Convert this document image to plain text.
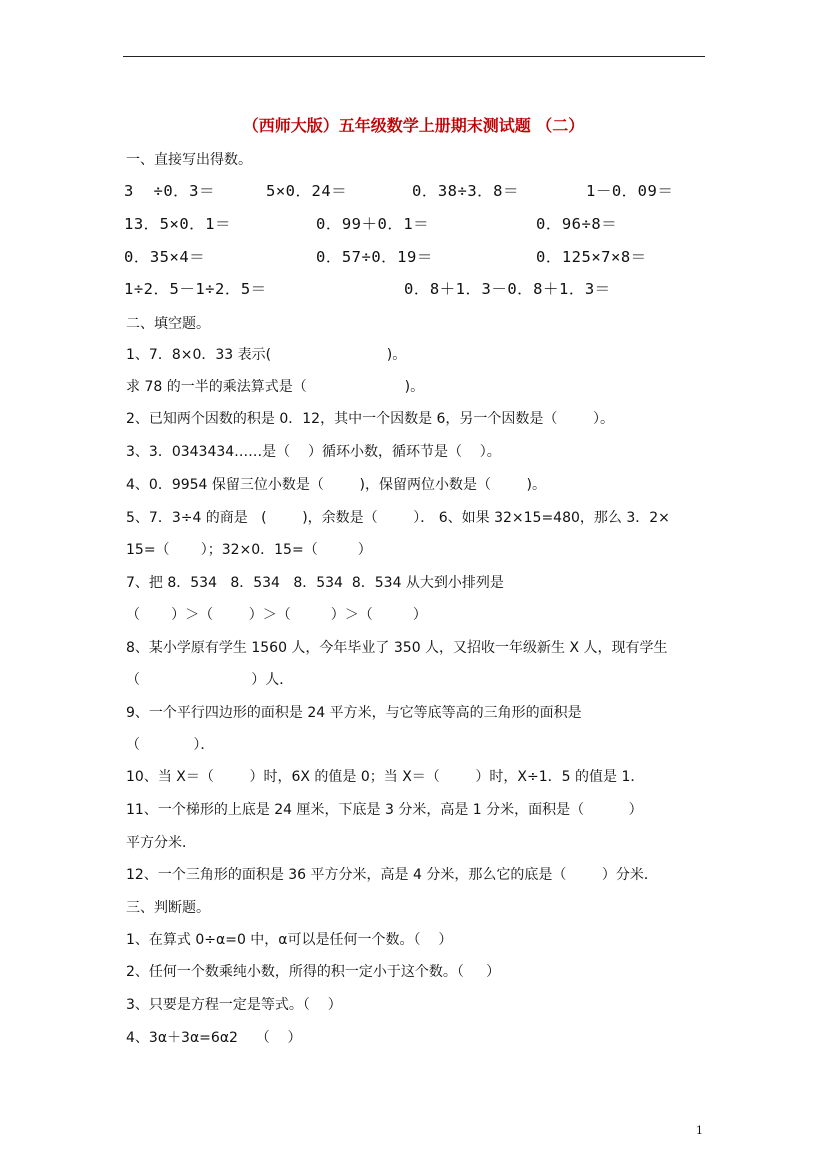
（西师大版）五年级数学上册期末测试题 （二）
一、直接写出得数。
3  ÷0．3＝	5×0．24＝	0．38÷3．8＝	1－0．09＝
13．5×0．1＝	0．99＋0．1＝	0．96÷8＝
0．35×4＝	0．57÷0．19＝	0．125×7×8＝
1÷2．5－1÷2．5＝	0．8＋1．3－0．8＋1．3＝
二、填空题。
1、7．8×0．33 表示(                          )。
求 78 的一半的乘法算式是（                      )。
2、已知两个因数的积是 0．12，其中一个因数是 6，另一个因数是（        ）。
3、3．0343434……是（    ）循环小数，循环节是（    ）。
4、0．9954 保留三位小数是（        )，保留两位小数是（        )。
5、7．3÷4 的商是   (        )，余数是（        ）． 6、如果 32×15=480，那么 3．2×
15=（       ）；32×0．15=（         ）
7、把 8．534   8．534   8．534  8．534 从大到小排列是
（       ）＞（        ）＞（         ）＞（         ）
8、某小学原有学生 1560 人，今年毕业了 350 人，又招收一年级新生 X 人，现有学生
（                         ）人．
9、一个平行四边形的面积是 24 平方米，与它等底等高的三角形的面积是
（            ）．
10、当 X＝（        ）时，6X 的值是 0；当 X＝（        ）时，X÷1．5 的值是 1．
11、一个梯形的上底是 24 厘米，下底是 3 分米，高是 1 分米，面积是（          ）
平方分米．
12、一个三角形的面积是 36 平方分米，高是 4 分米，那么它的底是（        ）分米．
三、判断题。
1、在算式 0÷α=0 中，α可以是任何一个数。（    ）
2、任何一个数乘纯小数，所得的积一定小于这个数。（     ）
3、只要是方程一定是等式。（    ）
4、3α＋3α=6α2    （    ）
1
